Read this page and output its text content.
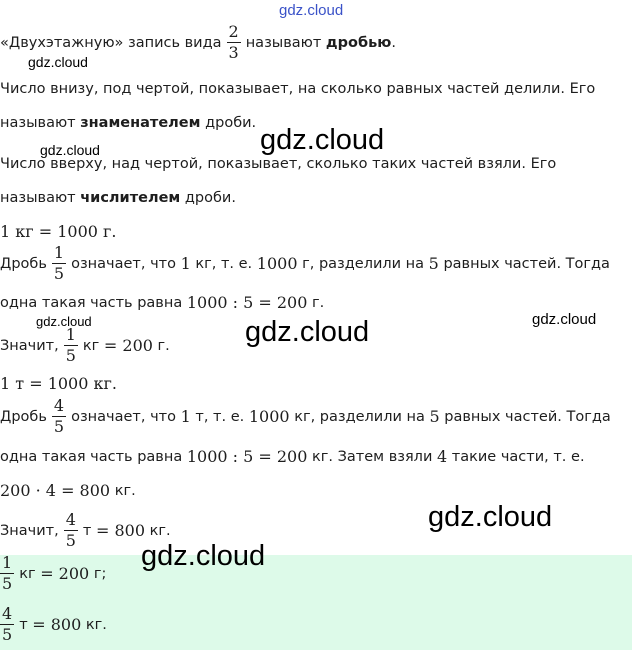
«Двухэтажную» запись вида $\frac{2}{3}$ называют
дробью .
Число внизу, под чертой, показывает, на сколько равных частей делили. Его
называют
знаменателем
дроби.
Число вверху, над чертой, показывает, сколько таких частей взяли. Его
называют
числителем
дроби.
1 кг = 1000 г.
Дробь $\frac{1}{5}$ означает, что
1
кг, т. е.
1000
г, разделили на
5
равных частей. Тогда
одна такая часть равна
1000 : 5 = 200
г.
Значит, $\frac{1}{5}$ кг
= 200
г.
1 т = 1000 кг.
Дробь $\frac{4}{5}$ означает, что
1
т, т. е.
1000
кг, разделили на
5
равных частей. Тогда
одна такая часть равна
1000 : 5 = 200
кг. Затем взяли
4
такие части, т. е.
200 · 4 = 800
кг.
Значит, $\frac{4}{5}$ т
= 800
кг.
$\frac{1}{5}$ кг
= 200
г;
$\frac{4}{5}$ т
= 800
кг.
gdz.cloud
gdz.cloud
gdz.cloud
gdz.cloud
gdz.cloud	gdz.cloud	gdz.cloud
gdz.cloud
gdz.cloud
